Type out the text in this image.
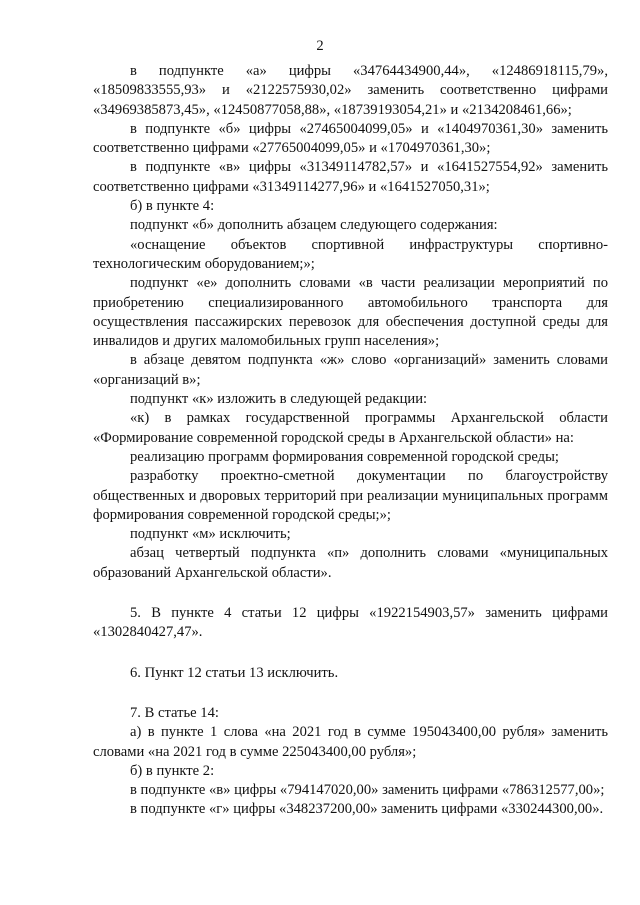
2

в подпункте «а» цифры «34764434900,44», «12486918115,79», «18509833555,93» и «2122575930,02» заменить соответственно цифрами «34969385873,45», «12450877058,88», «18739193054,21» и «2134208461,66»;

в подпункте «б» цифры «27465004099,05» и «1404970361,30» заменить соответственно цифрами «27765004099,05» и «1704970361,30»;

в подпункте «в» цифры «31349114782,57» и «1641527554,92» заменить соответственно цифрами «31349114277,96» и «1641527050,31»;

б) в пункте 4:

подпункт «б» дополнить абзацем следующего содержания:

«оснащение объектов спортивной инфраструктуры спортивно-технологическим оборудованием;»;

подпункт «е» дополнить словами «в части реализации мероприятий по приобретению специализированного автомобильного транспорта для осуществления пассажирских перевозок для обеспечения доступной среды для инвалидов и других маломобильных групп населения»;

в абзаце девятом подпункта «ж» слово «организаций» заменить словами «организаций в»;

подпункт «к» изложить в следующей редакции:

«к) в рамках государственной программы Архангельской области «Формирование современной городской среды в Архангельской области» на:

реализацию программ формирования современной городской среды;

разработку проектно-сметной документации по благоустройству общественных и дворовых территорий при реализации муниципальных программ формирования современной городской среды;»;

подпункт «м» исключить;

абзац четвертый подпункта «п» дополнить словами «муниципальных образований Архангельской области».

5. В пункте 4 статьи 12 цифры «1922154903,57» заменить цифрами «1302840427,47».

6. Пункт 12 статьи 13 исключить.

7. В статье 14:

а) в пункте 1 слова «на 2021 год в сумме 195043400,00 рубля» заменить словами «на 2021 год в сумме 225043400,00 рубля»;

б) в пункте 2:

в подпункте «в» цифры «794147020,00» заменить цифрами «786312577,00»;

в подпункте «г» цифры «348237200,00» заменить цифрами «330244300,00».
